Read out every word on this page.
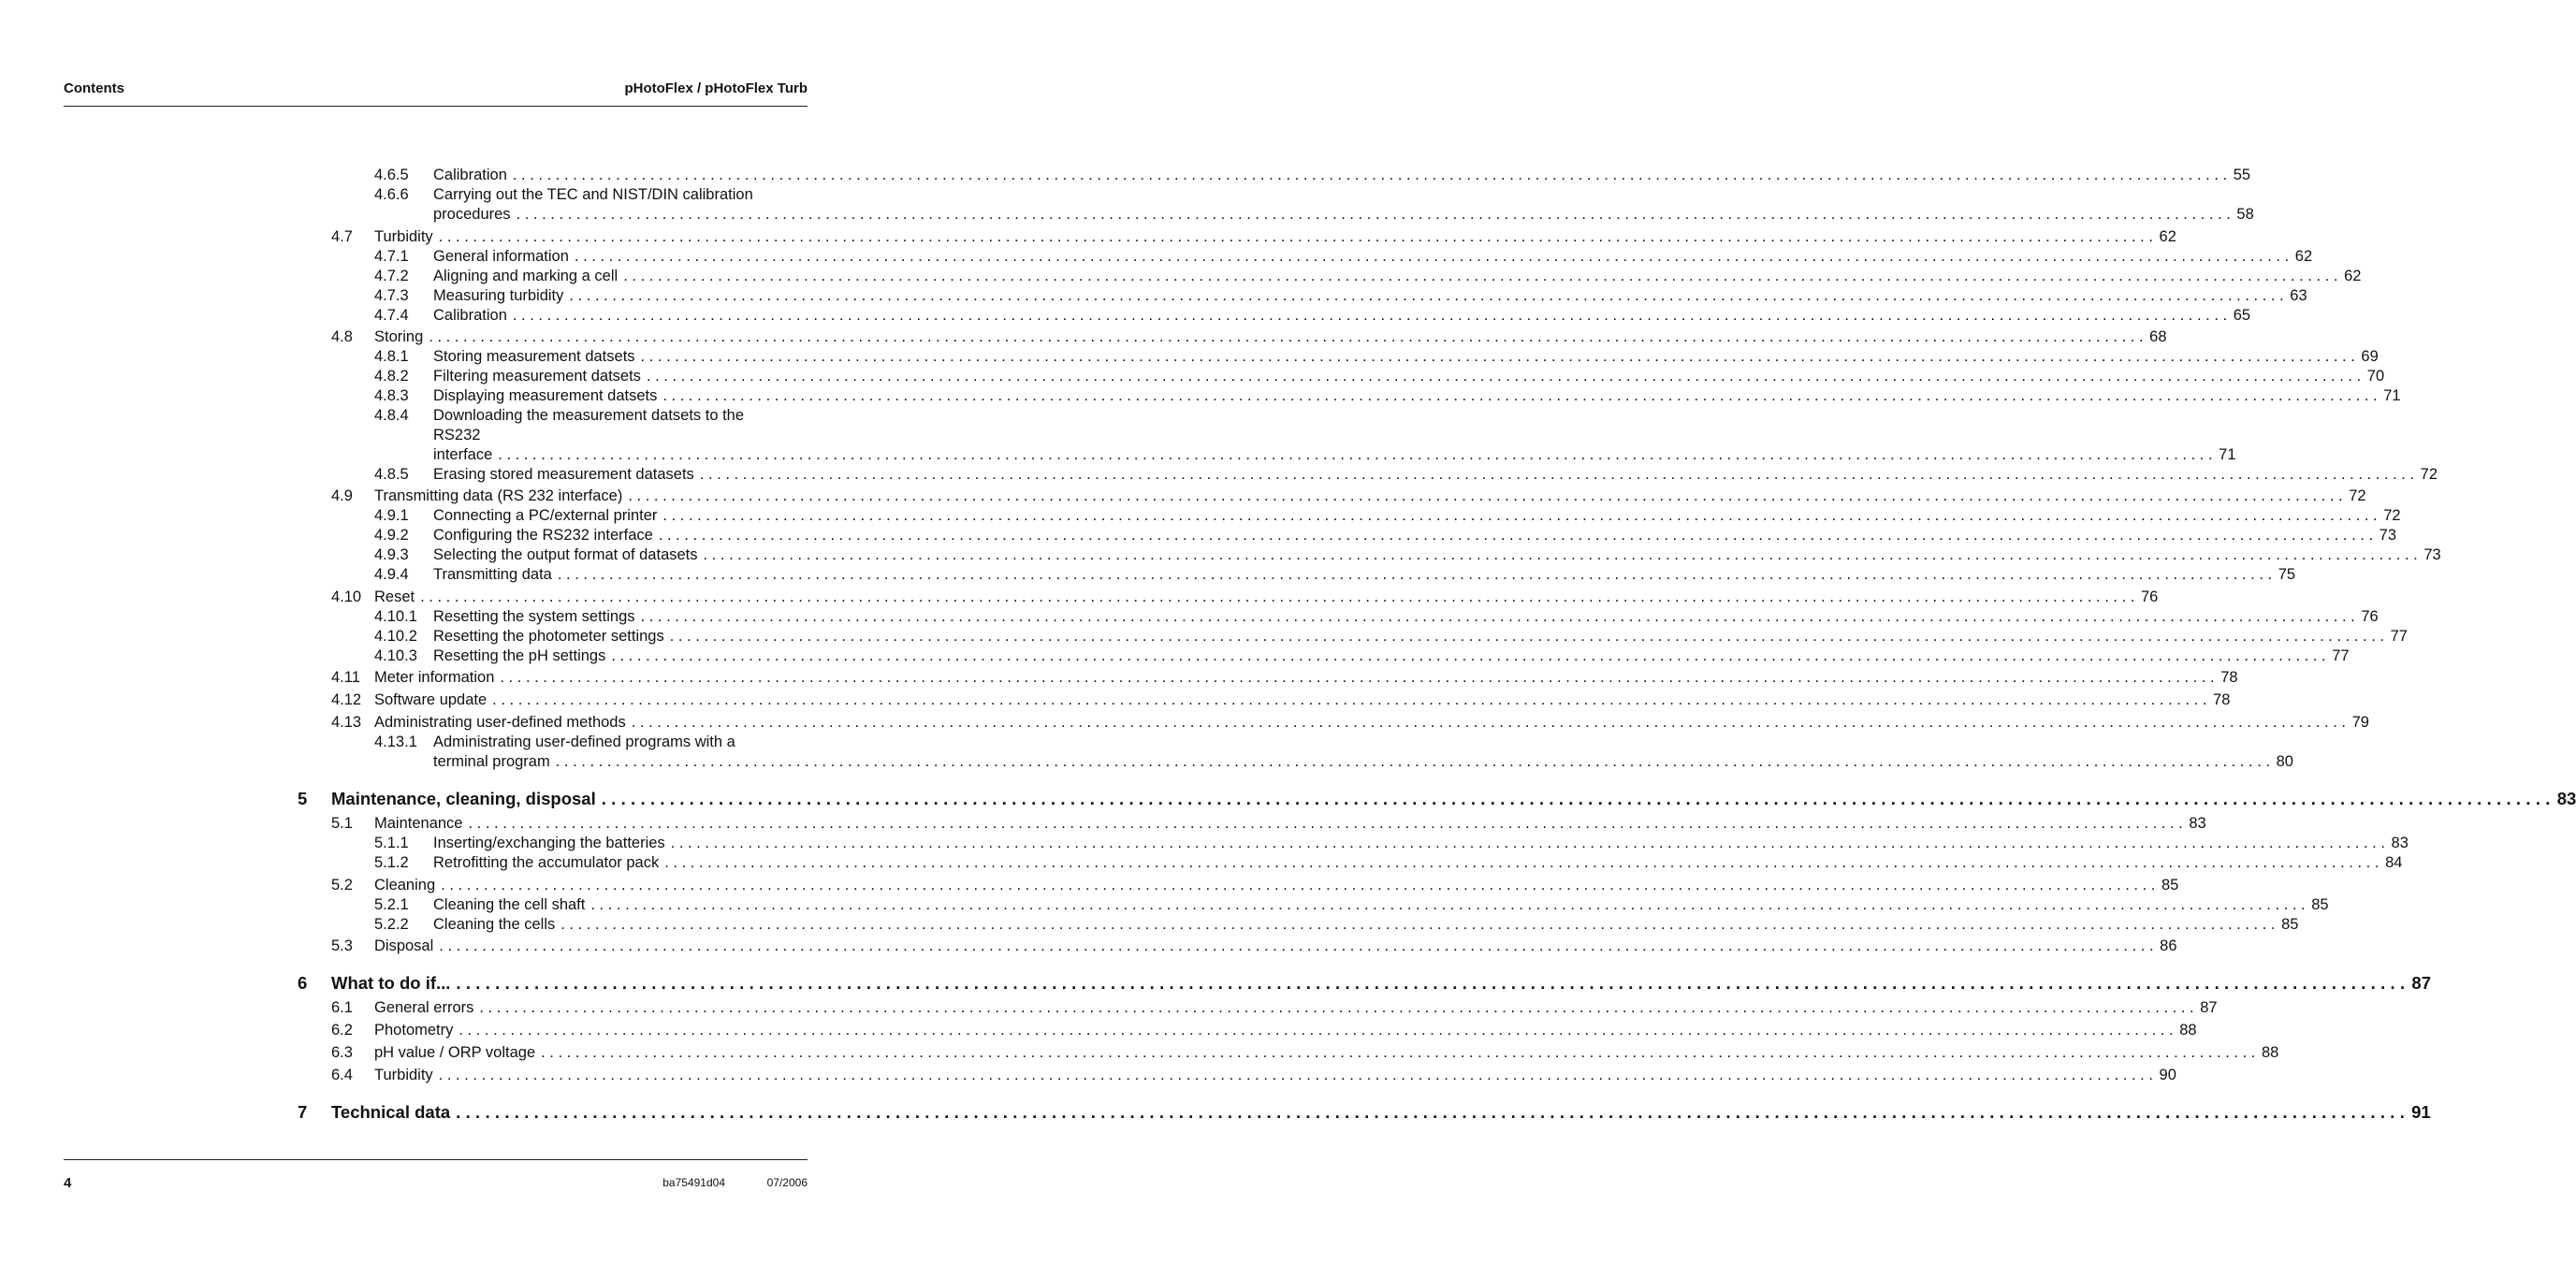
Contents	pHotoFlex / pHotoFlex Turb
4.6.5 Calibration ........................................................................................................................................................................................................ 55
4.6.6 Carrying out the TEC and NIST/DIN calibration
procedures ........................................................................................................................................................................................................ 58
4.7 Turbidity ........................................................................................................................................................................................................ 62
4.7.1 General information ........................................................................................................................................................................................................ 62
4.7.2 Aligning and marking a cell ........................................................................................................................................................................................................ 62
4.7.3 Measuring turbidity ........................................................................................................................................................................................................ 63
4.7.4 Calibration ........................................................................................................................................................................................................ 65
4.8 Storing ........................................................................................................................................................................................................ 68
4.8.1 Storing measurement datsets ........................................................................................................................................................................................................ 69
4.8.2 Filtering measurement datsets ........................................................................................................................................................................................................ 70
4.8.3 Displaying measurement datsets ........................................................................................................................................................................................................ 71
4.8.4 Downloading the measurement datsets to the
RS232
interface ........................................................................................................................................................................................................ 71
4.8.5 Erasing stored measurement datasets ........................................................................................................................................................................................................ 72
4.9 Transmitting data (RS 232 interface) ........................................................................................................................................................................................................ 72
4.9.1 Connecting a PC/external printer ........................................................................................................................................................................................................ 72
4.9.2 Configuring the RS232 interface ........................................................................................................................................................................................................ 73
4.9.3 Selecting the output format of datasets ........................................................................................................................................................................................................ 73
4.9.4 Transmitting data ........................................................................................................................................................................................................ 75
4.10 Reset ........................................................................................................................................................................................................ 76
4.10.1 Resetting the system settings ........................................................................................................................................................................................................ 76
4.10.2 Resetting the photometer settings ........................................................................................................................................................................................................ 77
4.10.3 Resetting the pH settings ........................................................................................................................................................................................................ 77
4.11 Meter information ........................................................................................................................................................................................................ 78
4.12 Software update ........................................................................................................................................................................................................ 78
4.13 Administrating user-defined methods ........................................................................................................................................................................................................ 79
4.13.1 Administrating user-defined programs with a
terminal program ........................................................................................................................................................................................................ 80
5 Maintenance, cleaning, disposal ........................................................................................................................................................................................................ 83
5.1 Maintenance ........................................................................................................................................................................................................ 83
5.1.1 Inserting/exchanging the batteries ........................................................................................................................................................................................................ 83
5.1.2 Retrofitting the accumulator pack ........................................................................................................................................................................................................ 84
5.2 Cleaning ........................................................................................................................................................................................................ 85
5.2.1 Cleaning the cell shaft ........................................................................................................................................................................................................ 85
5.2.2 Cleaning the cells ........................................................................................................................................................................................................ 85
5.3 Disposal ........................................................................................................................................................................................................ 86
6 What to do if... ........................................................................................................................................................................................................ 87
6.1 General errors ........................................................................................................................................................................................................ 87
6.2 Photometry ........................................................................................................................................................................................................ 88
6.3 pH value / ORP voltage ........................................................................................................................................................................................................ 88
6.4 Turbidity ........................................................................................................................................................................................................ 90
7 Technical data ........................................................................................................................................................................................................ 91
4	ba75491d04	07/2006
